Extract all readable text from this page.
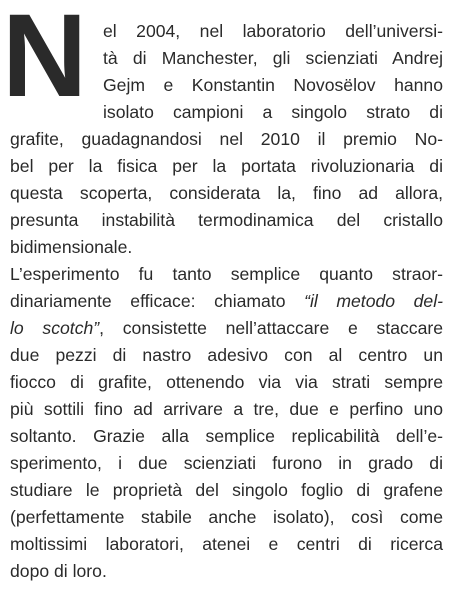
N el 2004, nel laboratorio dell’universi-
tà di Manchester, gli scienziati Andrej
Gejm e Konstantin Novosëlov hanno
isolato campioni a singolo strato di
grafite, guadagnandosi nel 2010 il premio No-
bel per la fisica per la portata rivoluzionaria di
questa scoperta, considerata la, fino ad allora,
presunta instabilità termodinamica del cristallo
bidimensionale.
L’esperimento fu tanto semplice quanto straor-
dinariamente efficace: chiamato “il metodo del-
lo scotch”, consistette nell’attaccare e staccare
due pezzi di nastro adesivo con al centro un
fiocco di grafite, ottenendo via via strati sempre
più sottili fino ad arrivare a tre, due e perfino uno
soltanto. Grazie alla semplice replicabilità dell’e-
sperimento, i due scienziati furono in grado di
studiare le proprietà del singolo foglio di grafene
(perfettamente stabile anche isolato), così come
moltissimi laboratori, atenei e centri di ricerca
dopo di loro.
